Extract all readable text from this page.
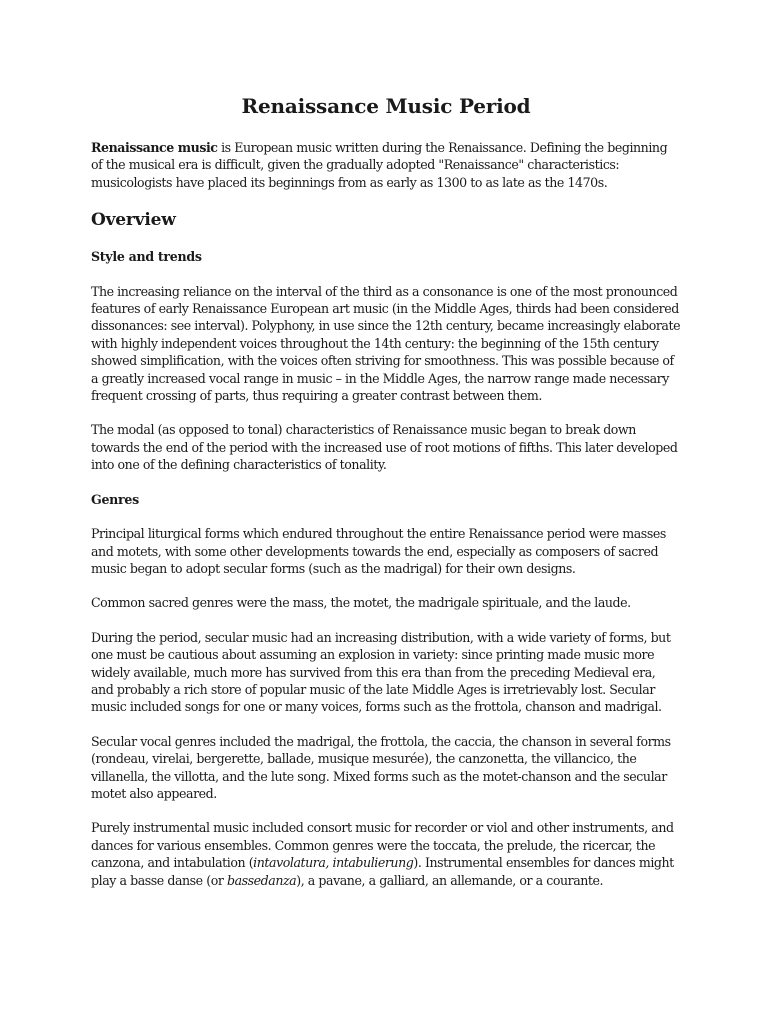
Renaissance Music Period

Renaissance music is European music written during the Renaissance. Defining the beginning of the musical era is difficult, given the gradually adopted "Renaissance" characteristics: musicologists have placed its beginnings from as early as 1300 to as late as the 1470s.

Overview
Style and trends

The increasing reliance on the interval of the third as a consonance is one of the most pronounced features of early Renaissance European art music (in the Middle Ages, thirds had been considered dissonances: see interval). Polyphony, in use since the 12th century, became increasingly elaborate with highly independent voices throughout the 14th century: the beginning of the 15th century showed simplification, with the voices often striving for smoothness. This was possible because of a greatly increased vocal range in music – in the Middle Ages, the narrow range made necessary frequent crossing of parts, thus requiring a greater contrast between them.

The modal (as opposed to tonal) characteristics of Renaissance music began to break down towards the end of the period with the increased use of root motions of fifths. This later developed into one of the defining characteristics of tonality.

Genres

Principal liturgical forms which endured throughout the entire Renaissance period were masses and motets, with some other developments towards the end, especially as composers of sacred music began to adopt secular forms (such as the madrigal) for their own designs.

Common sacred genres were the mass, the motet, the madrigale spirituale, and the laude.

During the period, secular music had an increasing distribution, with a wide variety of forms, but one must be cautious about assuming an explosion in variety: since printing made music more widely available, much more has survived from this era than from the preceding Medieval era, and probably a rich store of popular music of the late Middle Ages is irretrievably lost. Secular music included songs for one or many voices, forms such as the frottola, chanson and madrigal.

Secular vocal genres included the madrigal, the frottola, the caccia, the chanson in several forms (rondeau, virelai, bergerette, ballade, musique mesurée), the canzonetta, the villancico, the villanella, the villotta, and the lute song. Mixed forms such as the motet-chanson and the secular motet also appeared.

Purely instrumental music included consort music for recorder or viol and other instruments, and dances for various ensembles. Common genres were the toccata, the prelude, the ricercar, the canzona, and intabulation (intavolatura, intabulierung). Instrumental ensembles for dances might play a basse danse (or bassedanza), a pavane, a galliard, an allemande, or a courante.
